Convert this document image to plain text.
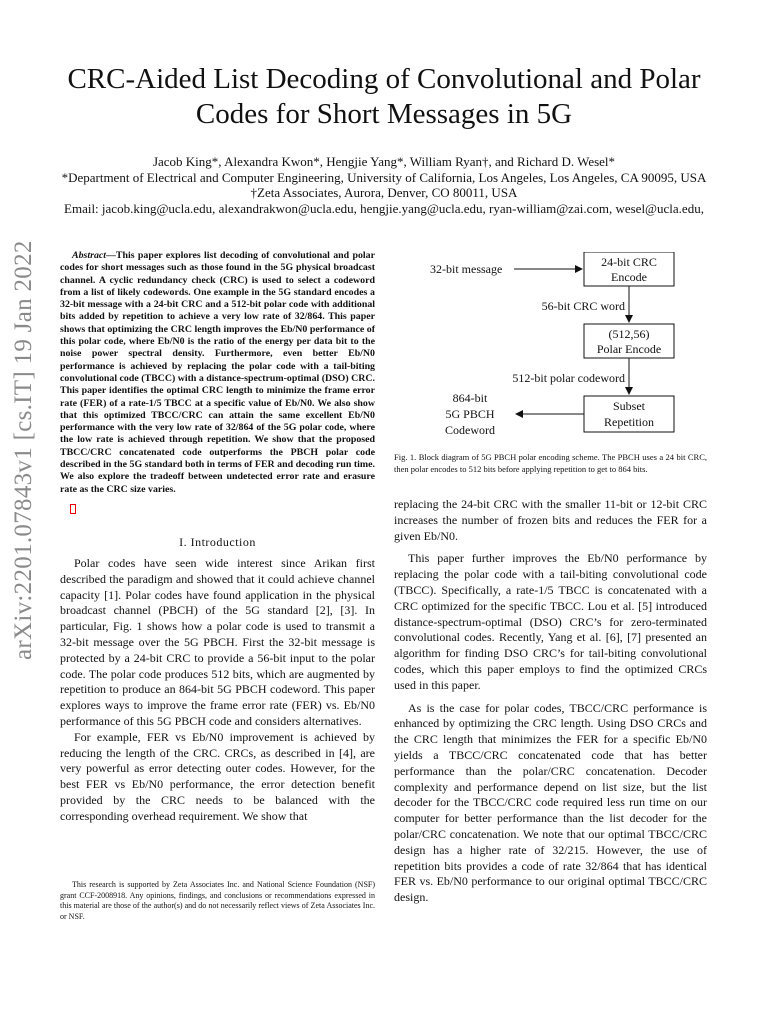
CRC-Aided List Decoding of Convolutional and Polar Codes for Short Messages in 5G
Jacob King*, Alexandra Kwon*, Hengjie Yang*, William Ryan†, and Richard D. Wesel*
*Department of Electrical and Computer Engineering, University of California, Los Angeles, Los Angeles, CA 90095, USA
†Zeta Associates, Aurora, Denver, CO 80011, USA
Email: jacob.king@ucla.edu, alexandrakwon@ucla.edu, hengjie.yang@ucla.edu, ryan-william@zai.com, wesel@ucla.edu,
arXiv:2201.07843v1 [cs.IT] 19 Jan 2022	Abstract—This paper explores list decoding of convolutional and polar codes for short messages such as those found in the 5G physical broadcast channel. A cyclic redundancy check (CRC) is used to select a codeword from a list of likely codewords. One example in the 5G standard encodes a 32-bit message with a 24-bit CRC and a 512-bit polar code with additional bits added by repetition to achieve a very low rate of 32/864. This paper shows that optimizing the CRC length improves the Eb/N0 performance of this polar code, where Eb/N0 is the ratio of the energy per data bit to the noise power spectral density. Furthermore, even better Eb/N0 performance is achieved by replacing the polar code with a tail-biting convolutional code (TBCC) with a distance-spectrum-optimal (DSO) CRC. This paper identifies the optimal CRC length to minimize the frame error rate (FER) of a rate-1/5 TBCC at a specific value of Eb/N0. We also show that this optimized TBCC/CRC can attain the same excellent Eb/N0 performance with the very low rate of 32/864 of the 5G polar code, where the low rate is achieved through repetition. We show that the proposed TBCC/CRC concatenated code outperforms the PBCH polar code described in the 5G standard both in terms of FER and decoding run time. We also explore the tradeoff between undetected error rate and erasure rate as the CRC size varies.

I. Introduction

Polar codes have seen wide interest since Arikan first described the paradigm and showed that it could achieve channel capacity [1]. Polar codes have found application in the physical broadcast channel (PBCH) of the 5G standard [2], [3]. In particular, Fig. 1 shows how a polar code is used to transmit a 32-bit message over the 5G PBCH. First the 32-bit message is protected by a 24-bit CRC to provide a 56-bit input to the polar code. The polar code produces 512 bits, which are augmented by repetition to produce an 864-bit 5G PBCH codeword. This paper explores ways to improve the frame error rate (FER) vs. Eb/N0 performance of this 5G PBCH code and considers alternatives.

For example, FER vs Eb/N0 improvement is achieved by reducing the length of the CRC. CRCs, as described in [4], are very powerful as error detecting outer codes. However, for the best FER vs Eb/N0 performance, the error detection benefit provided by the CRC needs to be balanced with the corresponding overhead requirement. We show that

This research is supported by Zeta Associates Inc. and National Science Foundation (NSF) grant CCF-2008918. Any opinions, findings, and conclusions or recommendations expressed in this material are those of the author(s) and do not necessarily reflect views of Zeta Associates Inc. or NSF.
32-bit message	24-bit CRC
Encode
56-bit CRC word
(512,56)
Polar Encode
512-bit polar codeword
Subset
Repetition
864-bit
5G PBCH
Codeword
Fig. 1. Block diagram of 5G PBCH polar encoding scheme. The PBCH uses a 24 bit CRC, then polar encodes to 512 bits before applying repetition to get to 864 bits.

replacing the 24-bit CRC with the smaller 11-bit or 12-bit CRC increases the number of frozen bits and reduces the FER for a given Eb/N0.

This paper further improves the Eb/N0 performance by replacing the polar code with a tail-biting convolutional code (TBCC). Specifically, a rate-1/5 TBCC is concatenated with a CRC optimized for the specific TBCC. Lou et al. [5] introduced distance-spectrum-optimal (DSO) CRC’s for zero-terminated convolutional codes. Recently, Yang et al. [6], [7] presented an algorithm for finding DSO CRC’s for tail-biting convolutional codes, which this paper employs to find the optimized CRCs used in this paper.

As is the case for polar codes, TBCC/CRC performance is enhanced by optimizing the CRC length. Using DSO CRCs and the CRC length that minimizes the FER for a specific Eb/N0 yields a TBCC/CRC concatenated code that has better performance than the polar/CRC concatenation. Decoder complexity and performance depend on list size, but the list decoder for the TBCC/CRC code required less run time on our computer for better performance than the list decoder for the polar/CRC concatenation. We note that our optimal TBCC/CRC design has a higher rate of 32/215. However, the use of repetition bits provides a code of rate 32/864 that has identical FER vs. Eb/N0 performance to our original optimal TBCC/CRC design.
